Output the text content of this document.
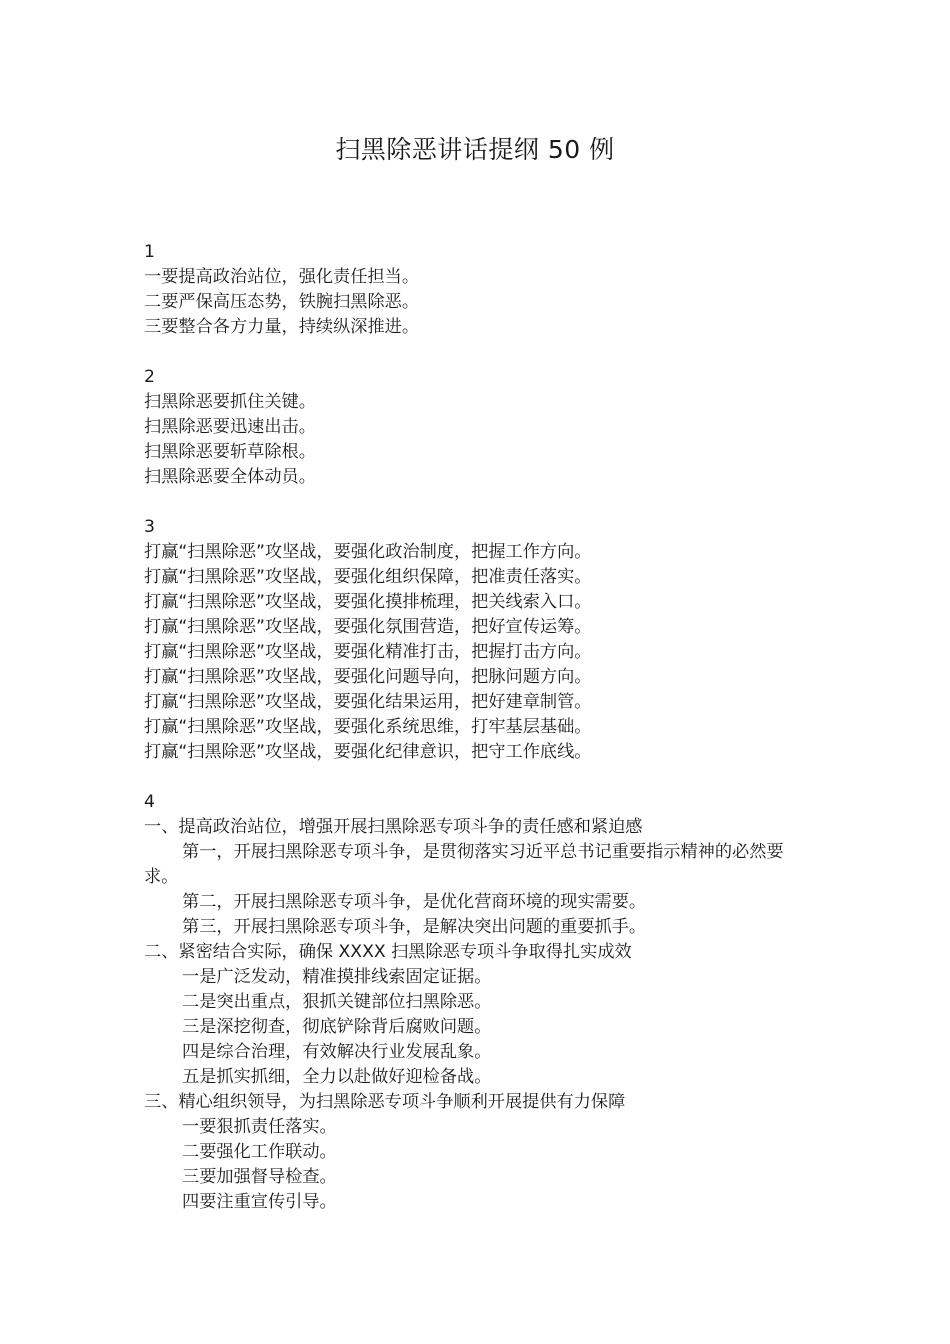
扫黑除恶讲话提纲 50 例
1
一要提高政治站位，强化责任担当。
二要严保高压态势，铁腕扫黑除恶。
三要整合各方力量，持续纵深推进。
2
扫黑除恶要抓住关键。
扫黑除恶要迅速出击。
扫黑除恶要斩草除根。
扫黑除恶要全体动员。
3
打赢“扫黑除恶”攻坚战，要强化政治制度，把握工作方向。
打赢“扫黑除恶”攻坚战，要强化组织保障，把准责任落实。
打赢“扫黑除恶”攻坚战，要强化摸排梳理，把关线索入口。
打赢“扫黑除恶”攻坚战，要强化氛围营造，把好宣传运筹。
打赢“扫黑除恶”攻坚战，要强化精准打击，把握打击方向。
打赢“扫黑除恶”攻坚战，要强化问题导向，把脉问题方向。
打赢“扫黑除恶”攻坚战，要强化结果运用，把好建章制管。
打赢“扫黑除恶”攻坚战，要强化系统思维，打牢基层基础。
打赢“扫黑除恶”攻坚战，要强化纪律意识，把守工作底线。
4
一、提高政治站位，增强开展扫黑除恶专项斗争的责任感和紧迫感
第一，开展扫黑除恶专项斗争，是贯彻落实习近平总书记重要指示精神的必然要求。
第二，开展扫黑除恶专项斗争，是优化营商环境的现实需要。
第三，开展扫黑除恶专项斗争，是解决突出问题的重要抓手。
二、紧密结合实际，确保 XXXX 扫黑除恶专项斗争取得扎实成效
一是广泛发动，精准摸排线索固定证据。
二是突出重点，狠抓关键部位扫黑除恶。
三是深挖彻查，彻底铲除背后腐败问题。
四是综合治理，有效解决行业发展乱象。
五是抓实抓细，全力以赴做好迎检备战。
三、精心组织领导，为扫黑除恶专项斗争顺利开展提供有力保障
一要狠抓责任落实。
二要强化工作联动。
三要加强督导检查。
四要注重宣传引导。
